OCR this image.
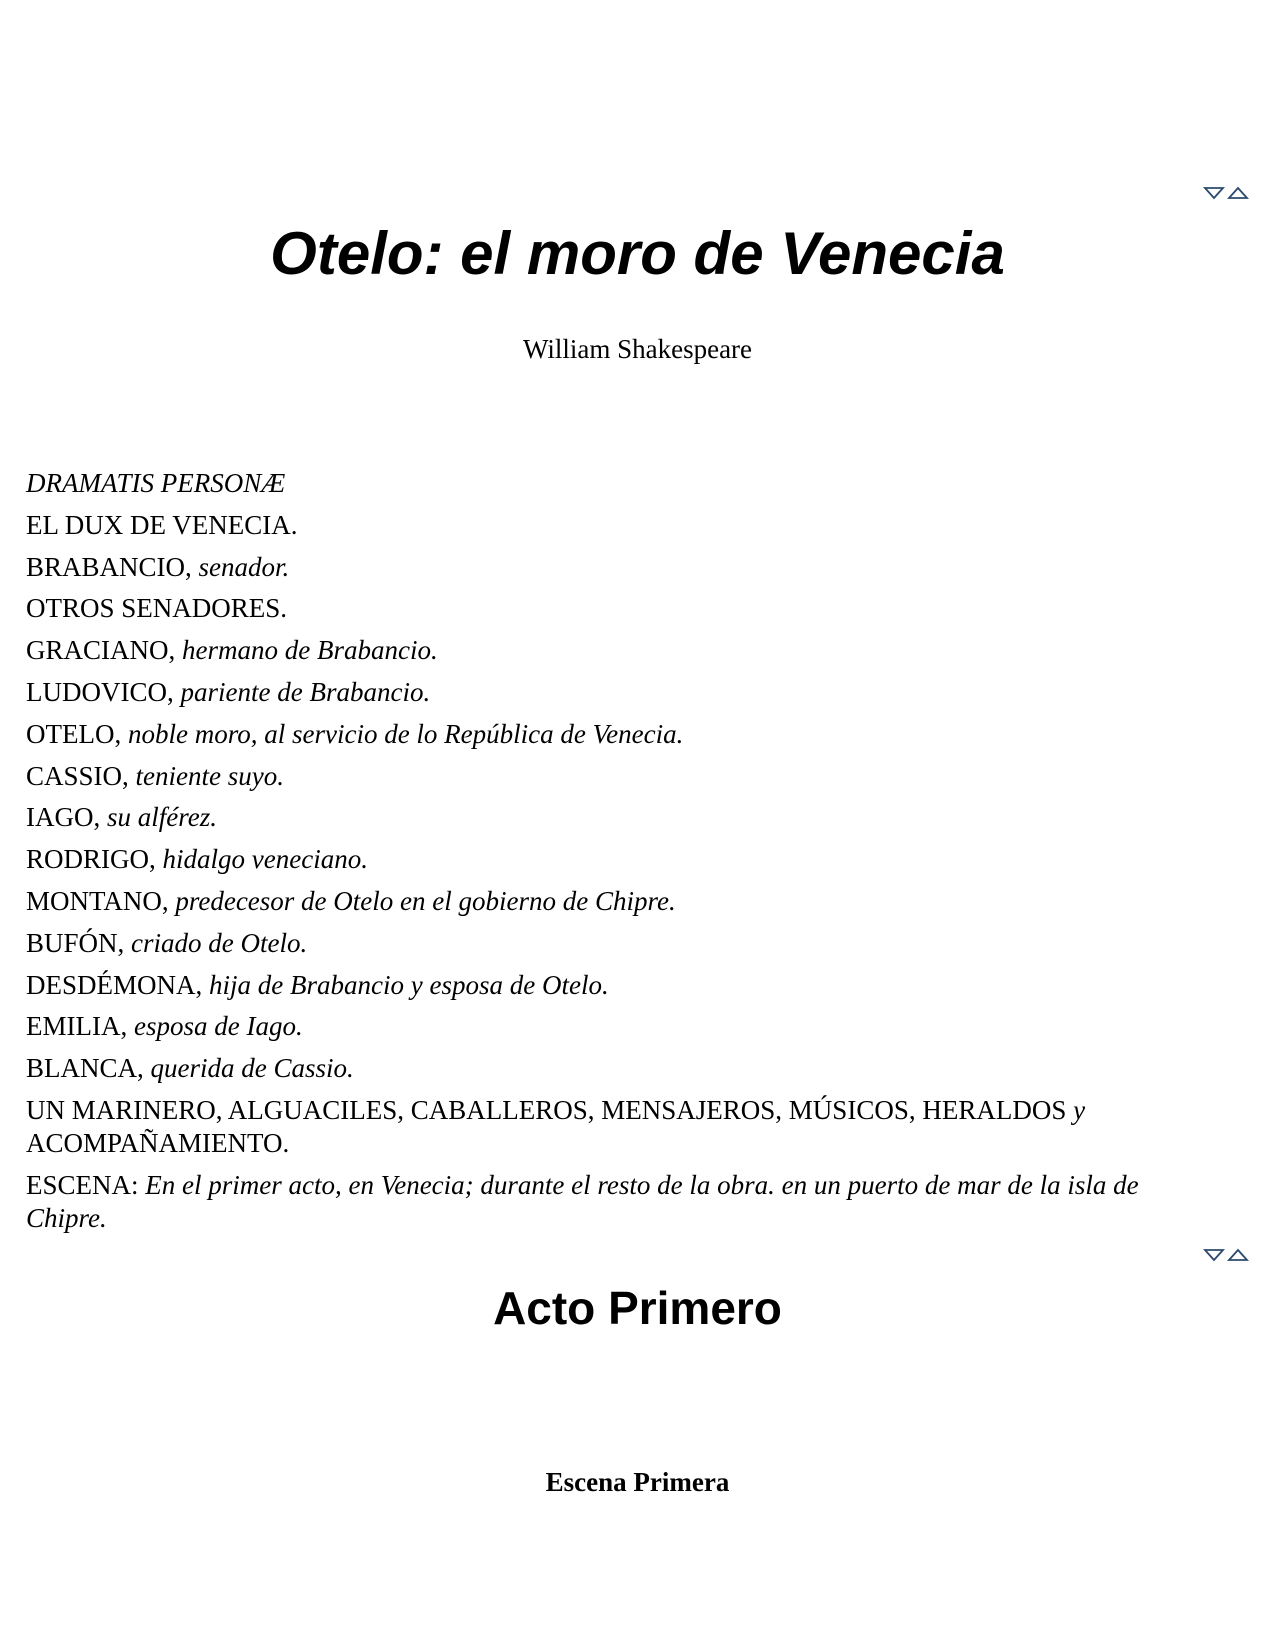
Otelo: el moro de Venecia
William Shakespeare
DRAMATIS PERSONÆ
EL DUX DE VENECIA.
BRABANCIO, senador.
OTROS SENADORES.
GRACIANO, hermano de Brabancio.
LUDOVICO, pariente de Brabancio.
OTELO, noble moro, al servicio de lo República de Venecia.
CASSIO, teniente suyo.
IAGO, su alférez.
RODRIGO, hidalgo veneciano.
MONTANO, predecesor de Otelo en el gobierno de Chipre.
BUFÓN, criado de Otelo.
DESDÉMONA, hija de Brabancio y esposa de Otelo.
EMILIA, esposa de Iago.
BLANCA, querida de Cassio.
UN MARINERO, ALGUACILES, CABALLEROS, MENSAJEROS, MÚSICOS, HERALDOS y ACOMPAÑAMIENTO.
ESCENA: En el primer acto, en Venecia; durante el resto de la obra. en un puerto de mar de la isla de Chipre.
Acto Primero
Escena Primera
